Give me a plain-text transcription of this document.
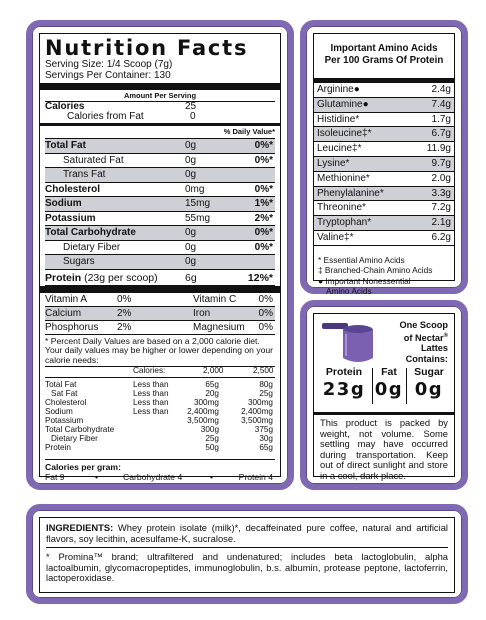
Nutrition Facts
Serving Size: 1/4 Scoop (7g)
Servings Per Container: 130
Amount Per Serving
Calories	25
Calories from Fat	0
% Daily Value*
Total Fat	0g	0%*
Saturated Fat	0g	0%*
Trans Fat	0g
Cholesterol	0mg	0%*
Sodium	15mg	1%*
Potassium	55mg	2%*
Total Carbohydrate	0g	0%*
Dietary Fiber	0g	0%*
Sugars	0g
Protein (23g per scoop)	6g	12%*
Vitamin A	0%	Vitamin C 0%
Calcium	2%	Iron	0%
Phosphorus 2%	Magnesium 0%
* Percent Daily Values are based on a 2,000 calorie diet. Your daily values may be higher or lower depending on your calorie needs:
Calories:	2,000	2,500
Total Fat	Less than	65g	80g
Sat Fat	Less than	20g	25g
Cholesterol	Less than	300mg	300mg
Sodium	Less than 2,400mg	2,400mg
Potassium	3,500mg	3,500mg
Total Carbohydrate	300g	375g
Dietary Fiber	25g	30g
Protein	50g	65g
Calories per gram:
Fat 9	•	Carbohydrate 4	•	Protein 4
Important Amino Acids
Per 100 Grams Of Protein
Arginine●	2.4g
Glutamine●	7.4g
Histidine*	1.7g
Isoleucine‡*	6.7g
Leucine‡*	11.9g
Lysine*	9.7g
Methionine*	2.0g
Phenylalanine*	3.3g
Threonine*	7.2g
Tryptophan*	2.1g
Valine‡*	6.2g
* Essential Amino Acids
‡ Branched-Chain Amino Acids
● Important Nonessential
Amino Acids
One Scoop
of Nectar®
Lattes
Contains:
Protein
23g
Fat
0g
Sugar
0g
This product is packed by weight, not volume. Some settling may have occurred during transportation. Keep out of direct sunlight and store in a cool, dark place.
INGREDIENTS: Whey protein isolate (milk)*, decaffeinated pure coffee, natural and artificial flavors, soy lecithin, acesulfame-K, sucralose.
* Promina™ brand; ultrafiltered and undenatured; includes beta lactoglobulin, alpha lactoalbumin, glycomacropeptides, immunoglobulin, b.s. albumin, protease peptone, lactoferrin, lactoperoxidase.
